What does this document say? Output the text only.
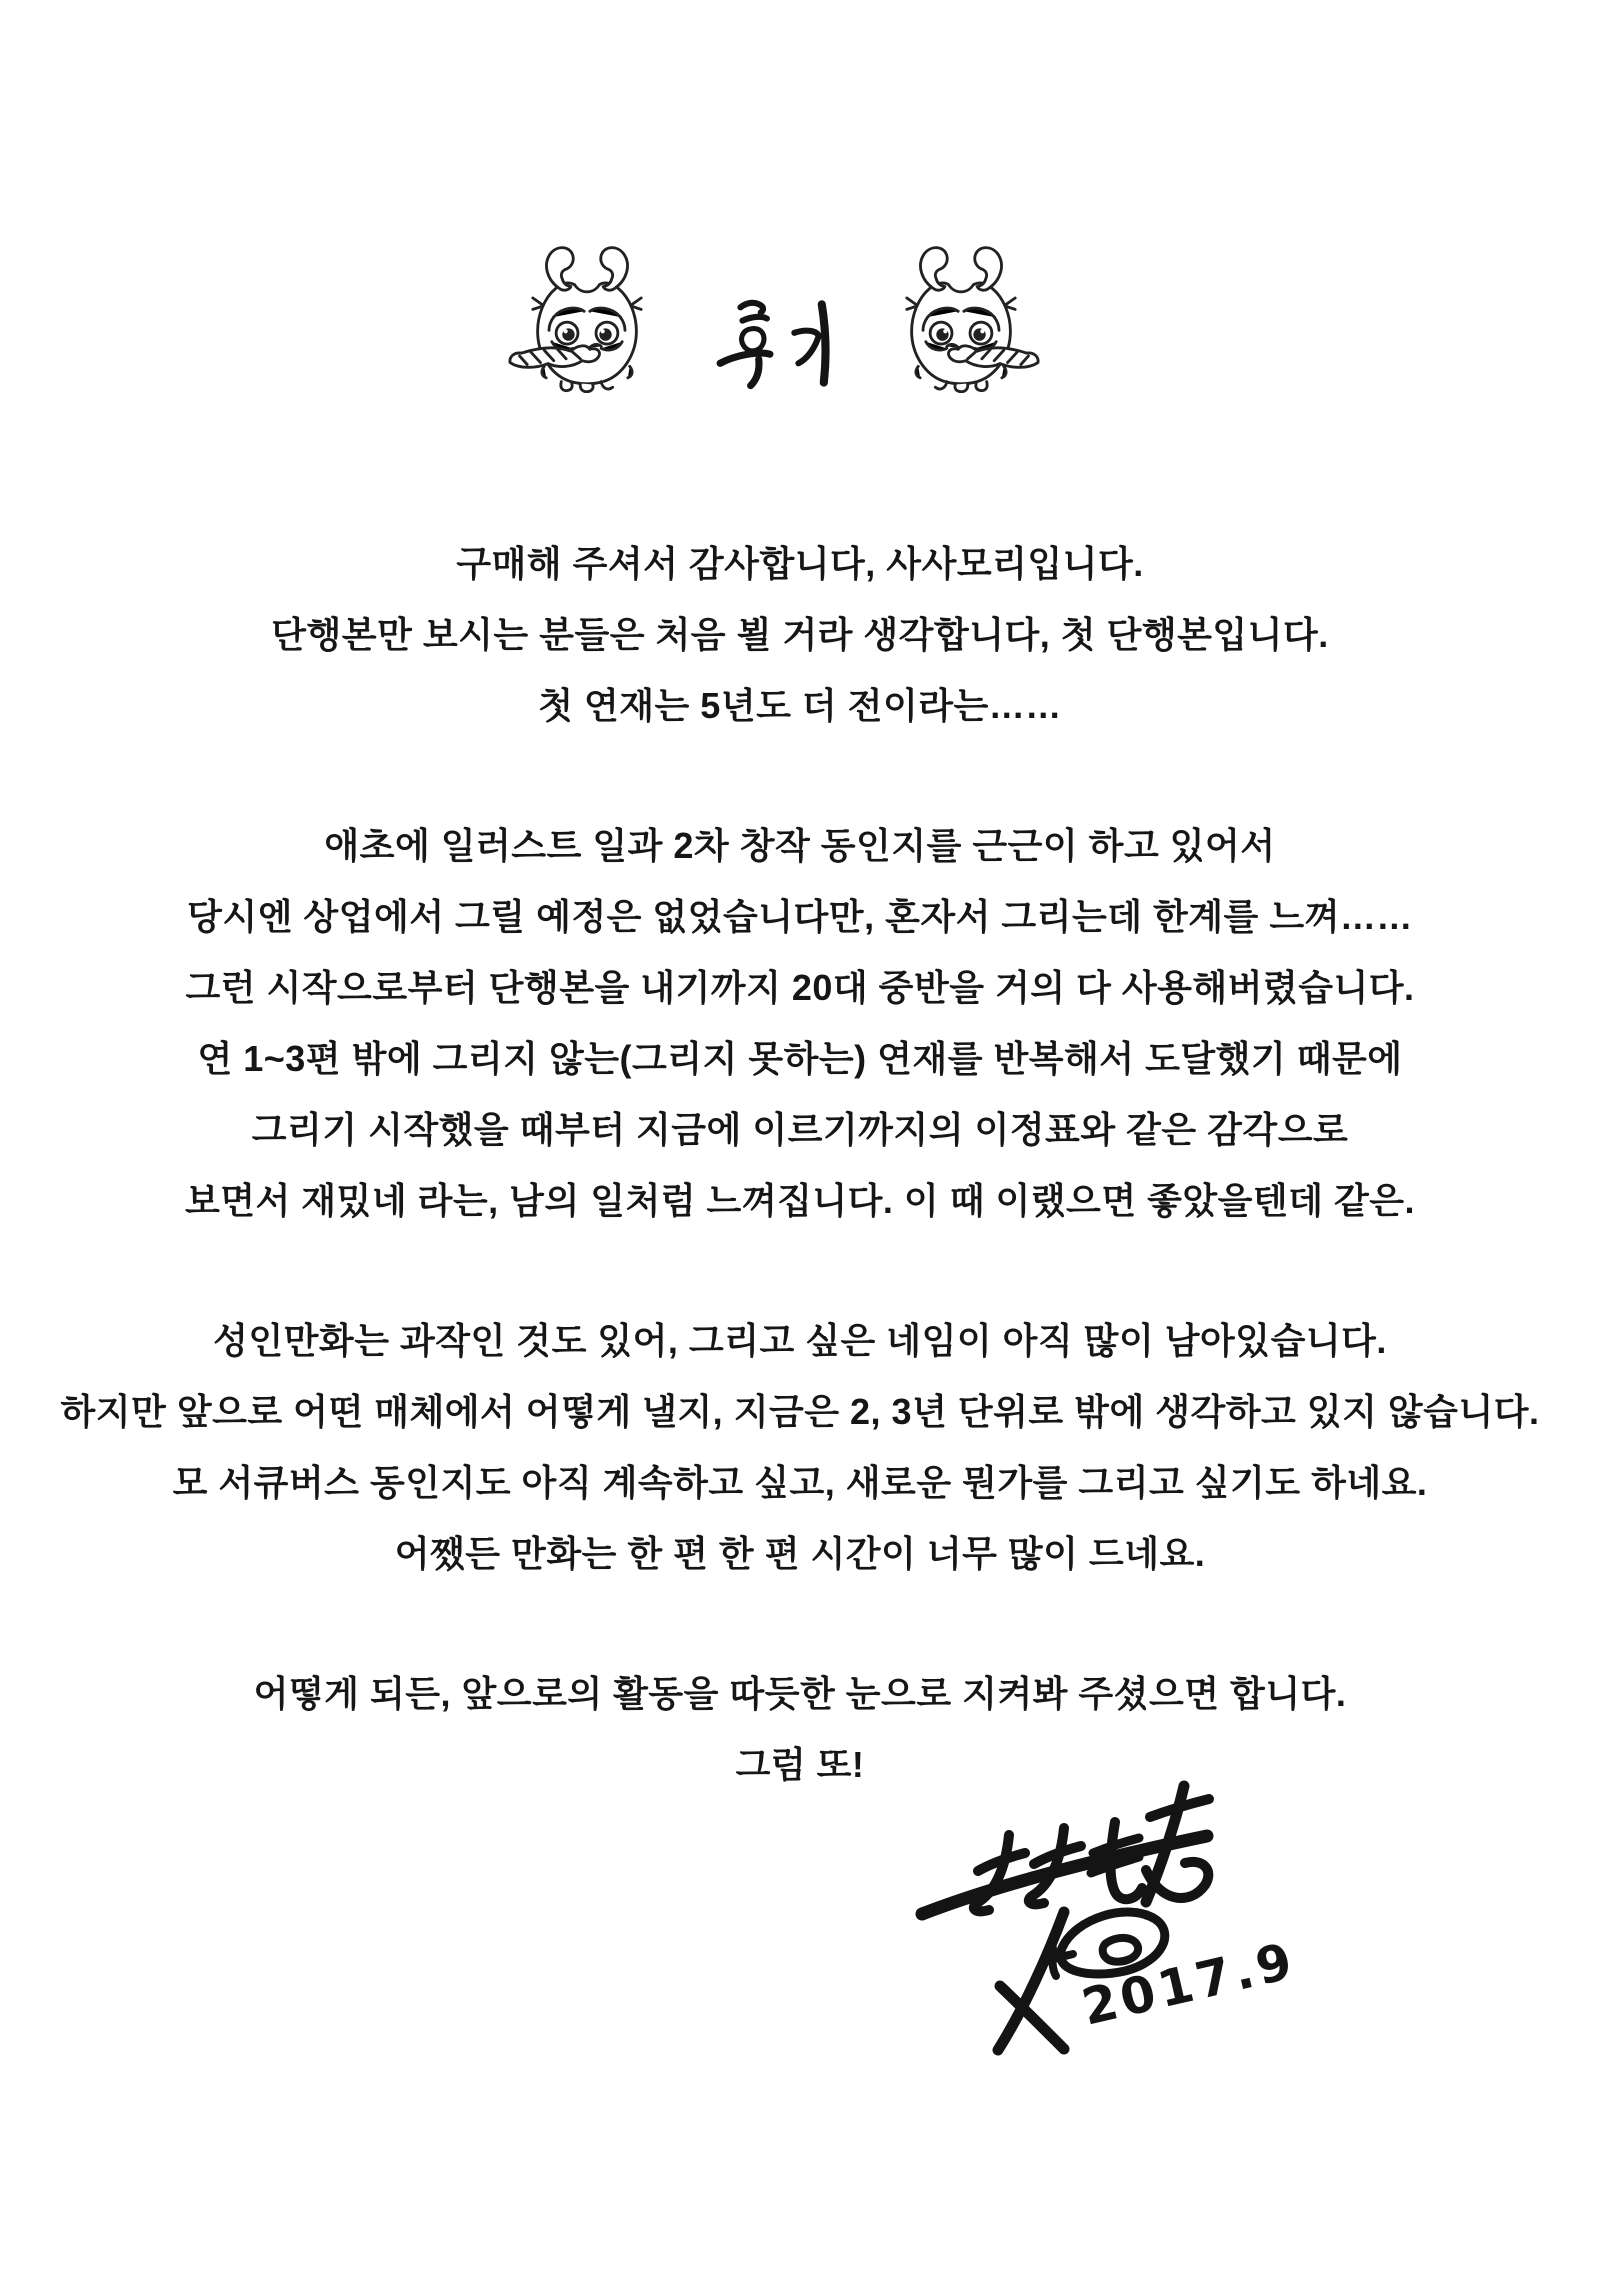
구매해 주셔서 감사합니다, 사사모리입니다.

단행본만 보시는 분들은 처음 뵐 거라 생각합니다, 첫 단행본입니다.

첫 연재는 5년도 더 전이라는……

애초에 일러스트 일과 2차 창작 동인지를 근근이 하고 있어서

당시엔 상업에서 그릴 예정은 없었습니다만, 혼자서 그리는데 한계를 느껴……

그런 시작으로부터 단행본을 내기까지 20대 중반을 거의 다 사용해버렸습니다.

연 1~3편 밖에 그리지 않는(그리지 못하는) 연재를 반복해서 도달했기 때문에

그리기 시작했을 때부터 지금에 이르기까지의 이정표와 같은 감각으로

보면서 재밌네 라는, 남의 일처럼 느껴집니다. 이 때 이랬으면 좋았을텐데 같은.

성인만화는 과작인 것도 있어, 그리고 싶은 네임이 아직 많이 남아있습니다.

하지만 앞으로 어떤 매체에서 어떻게 낼지, 지금은 2, 3년 단위로 밖에 생각하고 있지 않습니다.

모 서큐버스 동인지도 아직 계속하고 싶고, 새로운 뭔가를 그리고 싶기도 하네요.

어쨌든 만화는 한 편 한 편 시간이 너무 많이 드네요.

어떻게 되든, 앞으로의 활동을 따듯한 눈으로 지켜봐 주셨으면 합니다.

그럼 또!

2017.9
